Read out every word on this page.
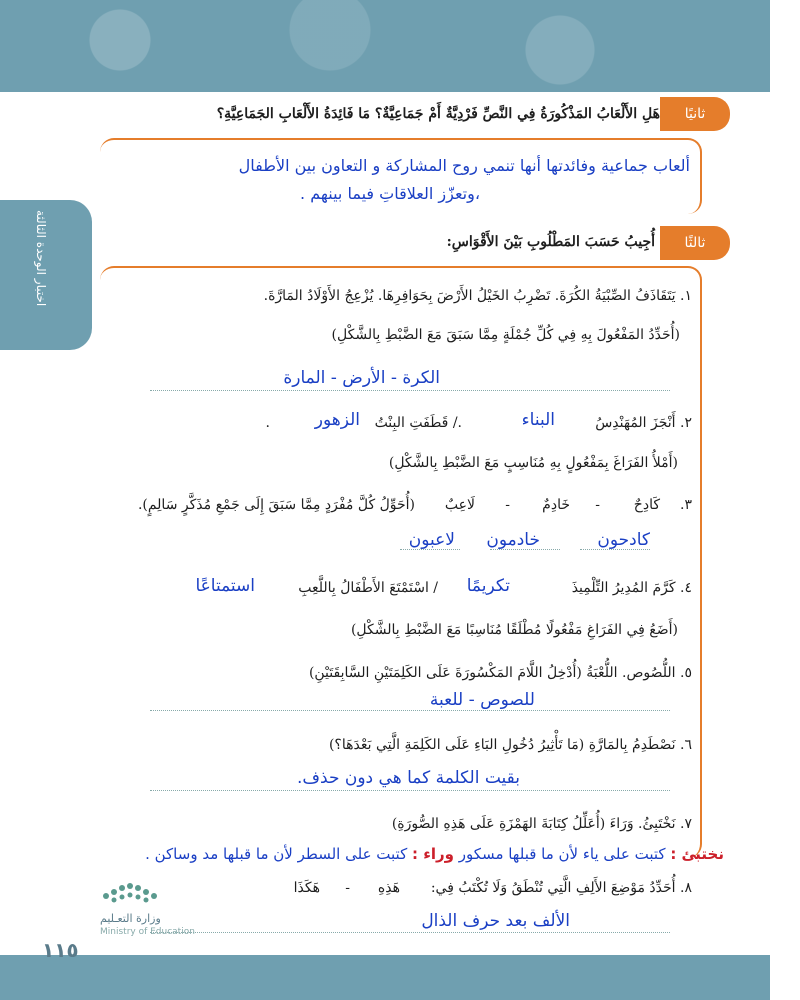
اختبار الوحدة الثالثة
ثانيًا
هَلِ الأَلْعَابُ المَذْكُورَةُ فِي النَّصِّ فَرْدِيَّةٌ أَمْ جَمَاعِيَّةٌ؟ مَا فَائِدَةُ الأَلْعَابِ الجَمَاعِيَّةِ؟
ألعاب جماعية وفائدتها أنها تنمي روح المشاركة و التعاون بين الأطفال
،وتعزّز العلاقاتِ فيما بينهم .
ثالثًا
أُجِيبُ حَسَبَ المَطْلُوبِ بَيْنَ الأَقْوَاسِ:
١. يَتَقَاذَفُ الصِّبْيَةُ الكُرَةَ. تَضْرِبُ الخَيْلُ الأَرْضَ بِحَوَافِرِهَا. يُزْعِجُ الأَوْلَادُ المَارَّةَ.
(أُحَدِّدُ المَفْعُولَ بِهِ فِي كُلِّ جُمْلَةٍ مِمَّا سَبَقَ مَعَ الضَّبْطِ بِالشَّكْلِ)
الكرة - الأرض - المارة
٢. أَنْجَزَ المُهَنْدِسُ
البناء
./ قَطَفَتِ البِنْتُ
الزهور
.
(أَمْلأُ الفَرَاغَ بِمَفْعُولٍ بِهِ مُنَاسِبٍ مَعَ الضَّبْطِ بِالشَّكْلِ)
٣.
كَادِحٌ
-
خَادِمٌ
-
لَاعِبٌ
(أُحَوِّلُ كُلَّ مُفْرَدٍ مِمَّا سَبَقَ إِلَى جَمْعِ مُذَكَّرٍ سَالِمٍ).
كادحون
خادمون
لاعبون
٤. كَرَّمَ المُدِيرُ التِّلْمِيذَ
تكريمًا
/ اسْتَمْتَعَ الأَطْفَالُ بِاللَّعِبِ
استمتاعًا
(أَضَعُ فِي الفَرَاغِ مَفْعُولًا مُطْلَقًا مُنَاسِبًا مَعَ الضَّبْطِ بِالشَّكْلِ)
٥. اللُّصُوص. اللُّعْبَةُ (أُدْخِلُ اللَّامَ المَكْسُورَةَ عَلَى الكَلِمَتَيْنِ السَّابِقَتَيْنِ)
للصوص - للعبة
٦. نَصْطَدِمُ بِالمَارَّةِ (مَا تَأْثِيرُ دُخُولِ البَاءِ عَلَى الكَلِمَةِ الَّتِي بَعْدَهَا؟)
بقيت الكلمة كما هي دون حذف.
٧. نَخْتَبِئُ. وَرَاءَ (أُعَلِّلُ كِتَابَةَ الهَمْزَةِ عَلَى هَذِهِ الصُّورَةِ)
نختبئ : كتبت على ياء لأن ما قبلها مسكور وراء : كتبت على السطر لأن ما قبلها مد وساكن .
٨. أُحَدِّدُ مَوْضِعَ الأَلِفِ الَّتِي تُنْطَقُ وَلَا تُكْتَبُ فِي:
هَذِهِ
-
هَكَذَا
الألف بعد حرف الذال
وزارة التعـليم
Ministry of Education
١١٥
